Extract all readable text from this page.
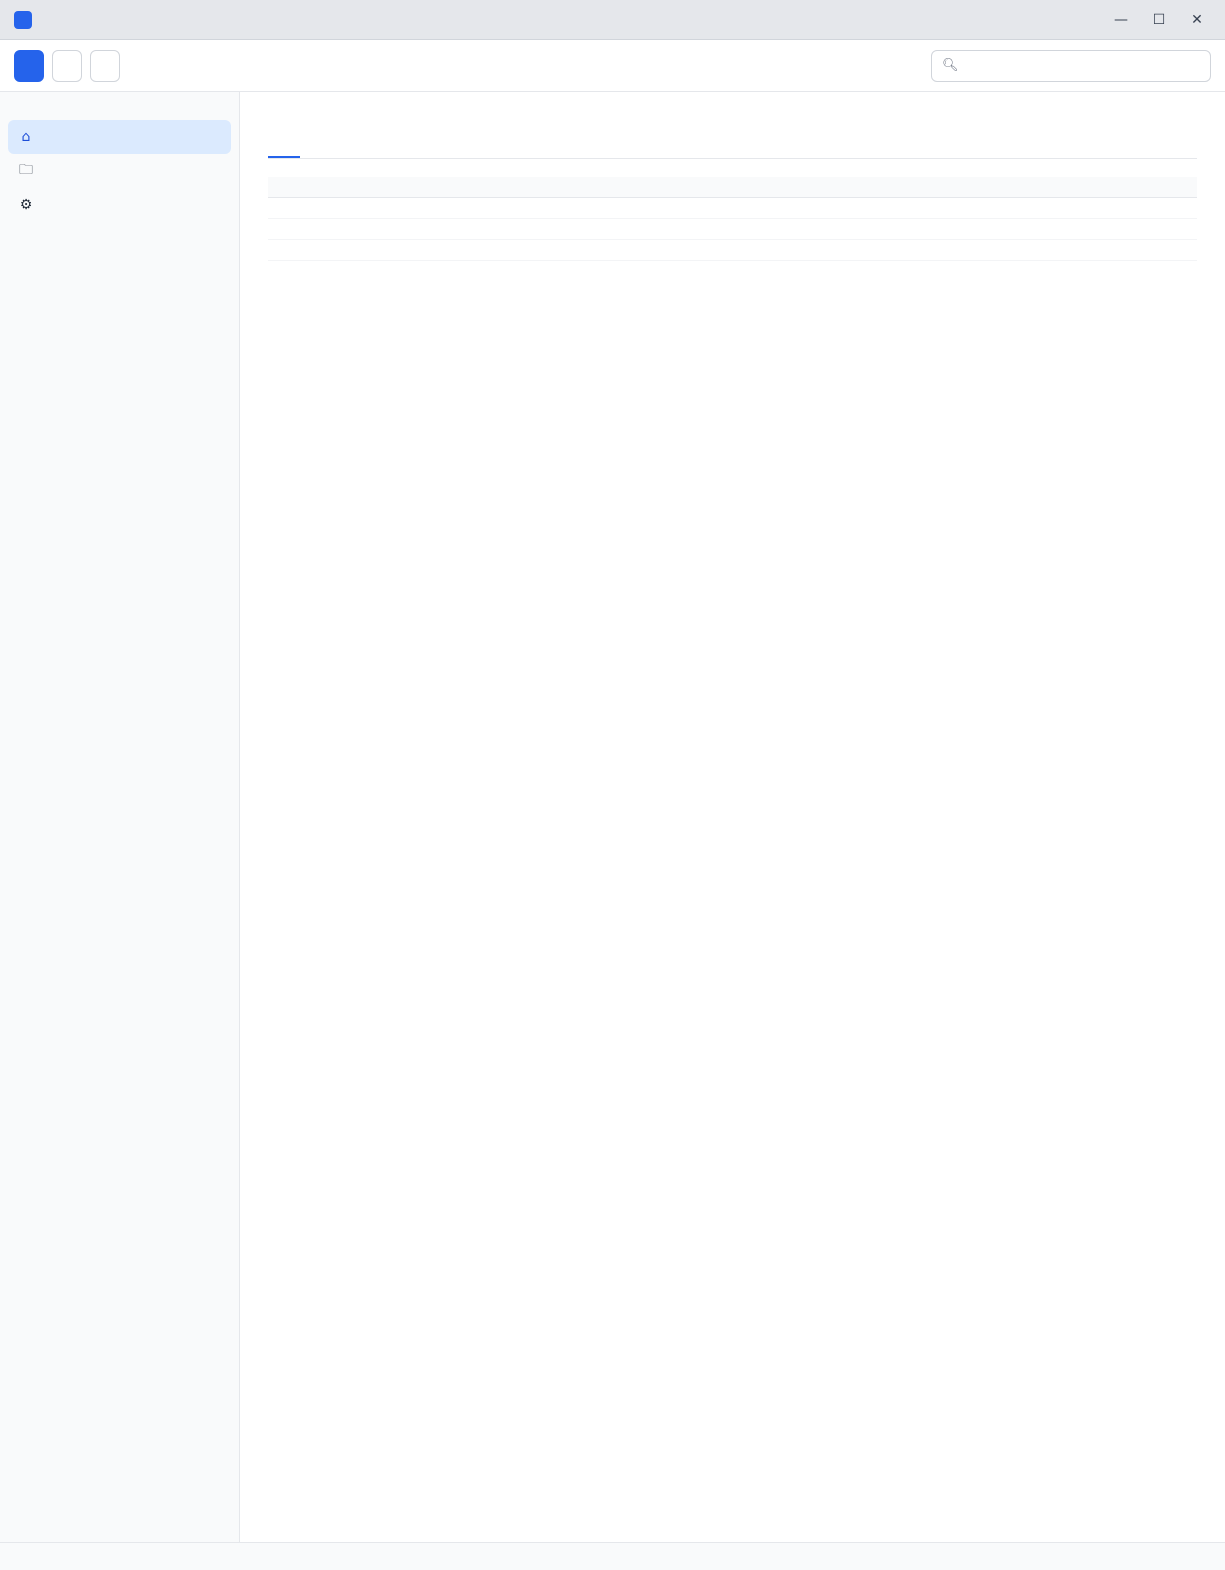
—	☐	✕
🔍︎
⌂
🗀︎
⚙
